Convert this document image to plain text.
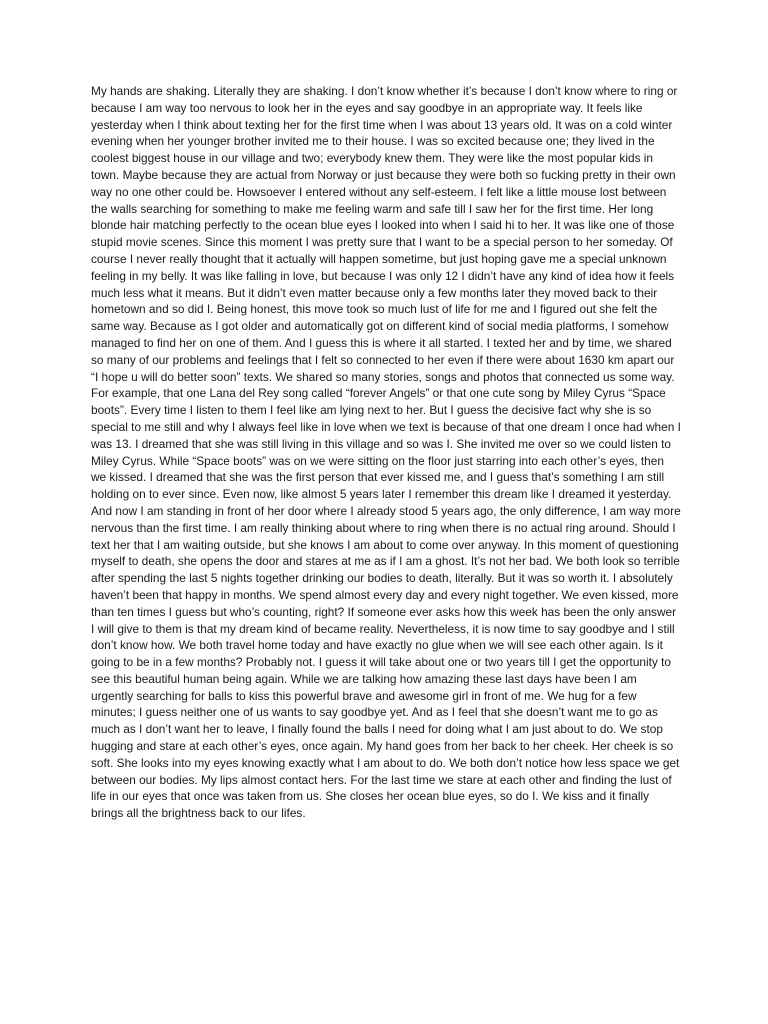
My hands are shaking. Literally they are shaking. I don’t know whether it’s because I don’t know where to ring or because I am way too nervous to look her in the eyes and say goodbye in an appropriate way. It feels like yesterday when I think about texting her for the first time when I was about 13 years old. It was on a cold winter evening when her younger brother invited me to their house. I was so excited because one; they lived in the coolest biggest house in our village and two; everybody knew them. They were like the most popular kids in town. Maybe because they are actual from Norway or just because they were both so fucking pretty in their own way no one other could be. Howsoever I entered without any self-esteem. I felt like a little mouse lost between the walls searching for something to make me feeling warm and safe till I saw her for the first time. Her long blonde hair matching perfectly to the ocean blue eyes I looked into when I said hi to her. It was like one of those stupid movie scenes. Since this moment I was pretty sure that I want to be a special person to her someday. Of course I never really thought that it actually will happen sometime, but just hoping gave me a special unknown feeling in my belly. It was like falling in love, but because I was only 12 I didn’t have any kind of idea how it feels much less what it means. But it didn’t even matter because only a few months later they moved back to their hometown and so did I. Being honest, this move took so much lust of life for me and I figured out she felt the same way. Because as I got older and automatically got on different kind of social media platforms, I somehow managed to find her on one of them. And I guess this is where it all started. I texted her and by time, we shared so many of our problems and feelings that I felt so connected to her even if there were about 1630 km apart our “I hope u will do better soon” texts. We shared so many stories, songs and photos that connected us some way. For example, that one Lana del Rey song called “forever Angels” or that one cute song by Miley Cyrus “Space boots”. Every time I listen to them I feel like am lying next to her. But I guess the decisive fact why she is so special to me still and why I always feel like in love when we text is because of that one dream I once had when I was 13. I dreamed that she was still living in this village and so was I. She invited me over so we could listen to Miley Cyrus. While “Space boots” was on we were sitting on the floor just starring into each other’s eyes, then we kissed. I dreamed that she was the first person that ever kissed me, and I guess that’s something I am still holding on to ever since. Even now, like almost 5 years later I remember this dream like I dreamed it yesterday. And now I am standing in front of her door where I already stood 5 years ago, the only difference, I am way more nervous than the first time. I am really thinking about where to ring when there is no actual ring around. Should I text her that I am waiting outside, but she knows I am about to come over anyway. In this moment of questioning myself to death, she opens the door and stares at me as if I am a ghost. It’s not her bad. We both look so terrible after spending the last 5 nights together drinking our bodies to death, literally. But it was so worth it. I absolutely haven’t been that happy in months. We spend almost every day and every night together. We even kissed, more than ten times I guess but who’s counting, right? If someone ever asks how this week has been the only answer I will give to them is that my dream kind of became reality. Nevertheless, it is now time to say goodbye and I still don’t know how. We both travel home today and have exactly no glue when we will see each other again. Is it going to be in a few months? Probably not. I guess it will take about one or two years till I get the opportunity to see this beautiful human being again. While we are talking how amazing these last days have been I am urgently searching for balls to kiss this powerful brave and awesome girl in front of me. We hug for a few minutes; I guess neither one of us wants to say goodbye yet. And as I feel that she doesn’t want me to go as much as I don’t want her to leave, I finally found the balls I need for doing what I am just about to do. We stop hugging and stare at each other’s eyes, once again. My hand goes from her back to her cheek. Her cheek is so soft. She looks into my eyes knowing exactly what I am about to do. We both don’t notice how less space we get between our bodies. My lips almost contact hers. For the last time we stare at each other and finding the lust of life in our eyes that once was taken from us. She closes her ocean blue eyes, so do I. We kiss and it finally brings all the brightness back to our lifes.
